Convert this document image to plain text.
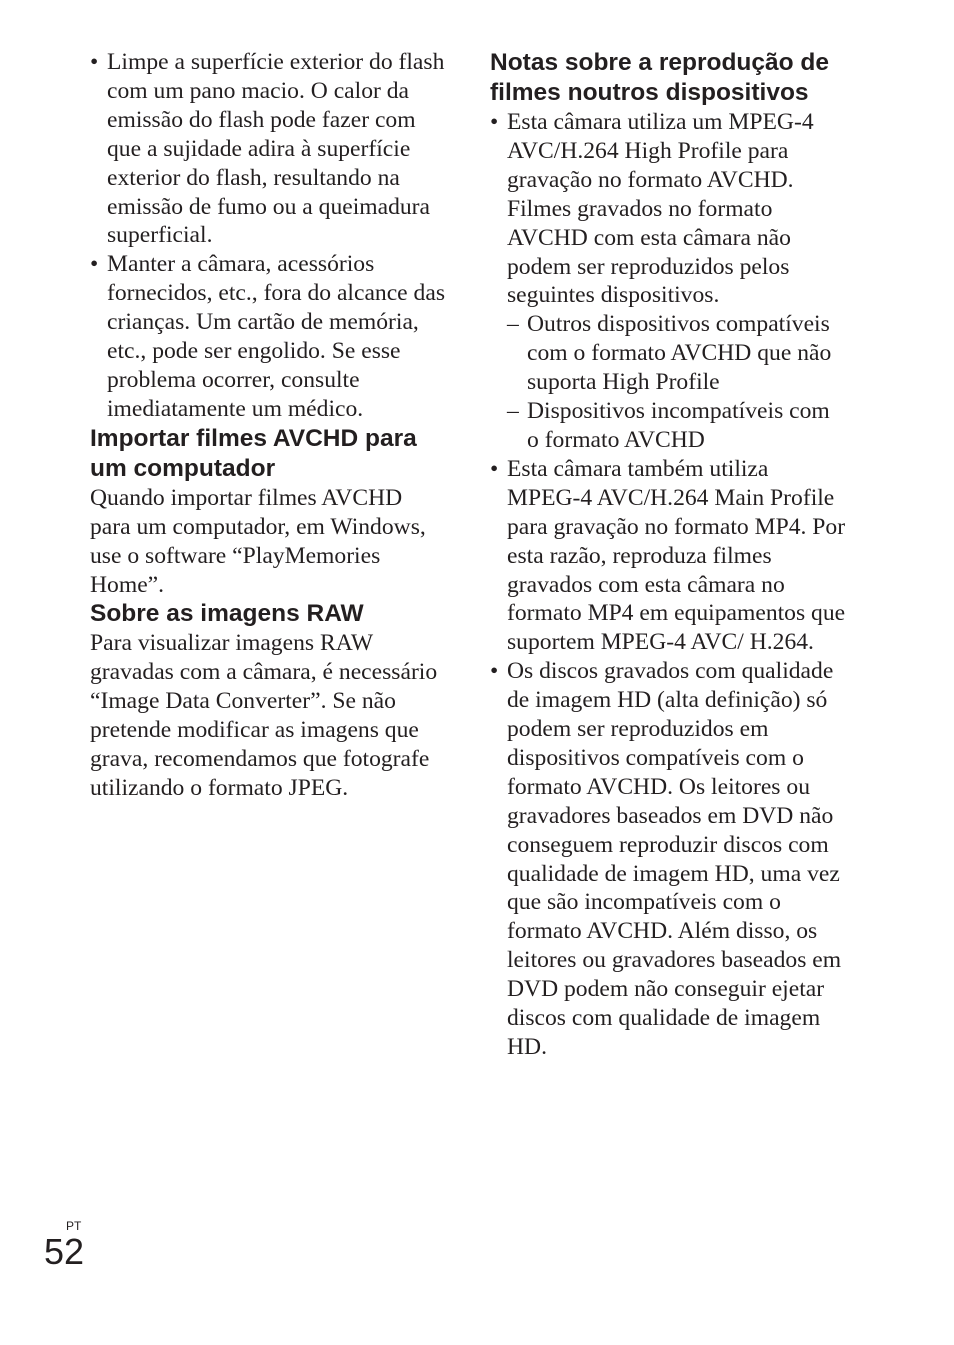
• Limpe a superfície exterior do flash com um pano macio. O calor da emissão do flash pode fazer com que a sujidade adira à superfície exterior do flash, resultando na emissão de fumo ou a queimadura superficial.
• Manter a câmara, acessórios fornecidos, etc., fora do alcance das crianças. Um cartão de memória, etc., pode ser engolido. Se esse problema ocorrer, consulte imediatamente um médico.
Importar filmes AVCHD para um computador

Quando importar filmes AVCHD para um computador, em Windows, use o software “PlayMemories Home”.

Sobre as imagens RAW

Para visualizar imagens RAW gravadas com a câmara, é necessário “Image Data Converter”. Se não pretende modificar as imagens que grava, recomendamos que fotografe utilizando o formato JPEG.

Notas sobre a reprodução de filmes noutros dispositivos
• Esta câmara utiliza um MPEG-4 AVC/H.264 High Profile para gravação no formato AVCHD. Filmes gravados no formato AVCHD com esta câmara não podem ser reproduzidos pelos seguintes dispositivos.
– Outros dispositivos compatíveis com o formato AVCHD que não suporta High Profile
– Dispositivos incompatíveis com o formato AVCHD
• Esta câmara também utiliza MPEG-4 AVC/H.264 Main Profile para gravação no formato MP4. Por esta razão, reproduza filmes gravados com esta câmara no formato MP4 em equipamentos que suportem MPEG-4 AVC/ H.264.
• Os discos gravados com qualidade de imagem HD (alta definição) só podem ser reproduzidos em dispositivos compatíveis com o formato AVCHD. Os leitores ou gravadores baseados em DVD não conseguem reproduzir discos com qualidade de imagem HD, uma vez que são incompatíveis com o formato AVCHD. Além disso, os leitores ou gravadores baseados em DVD podem não conseguir ejetar discos com qualidade de imagem HD.
PT
52
